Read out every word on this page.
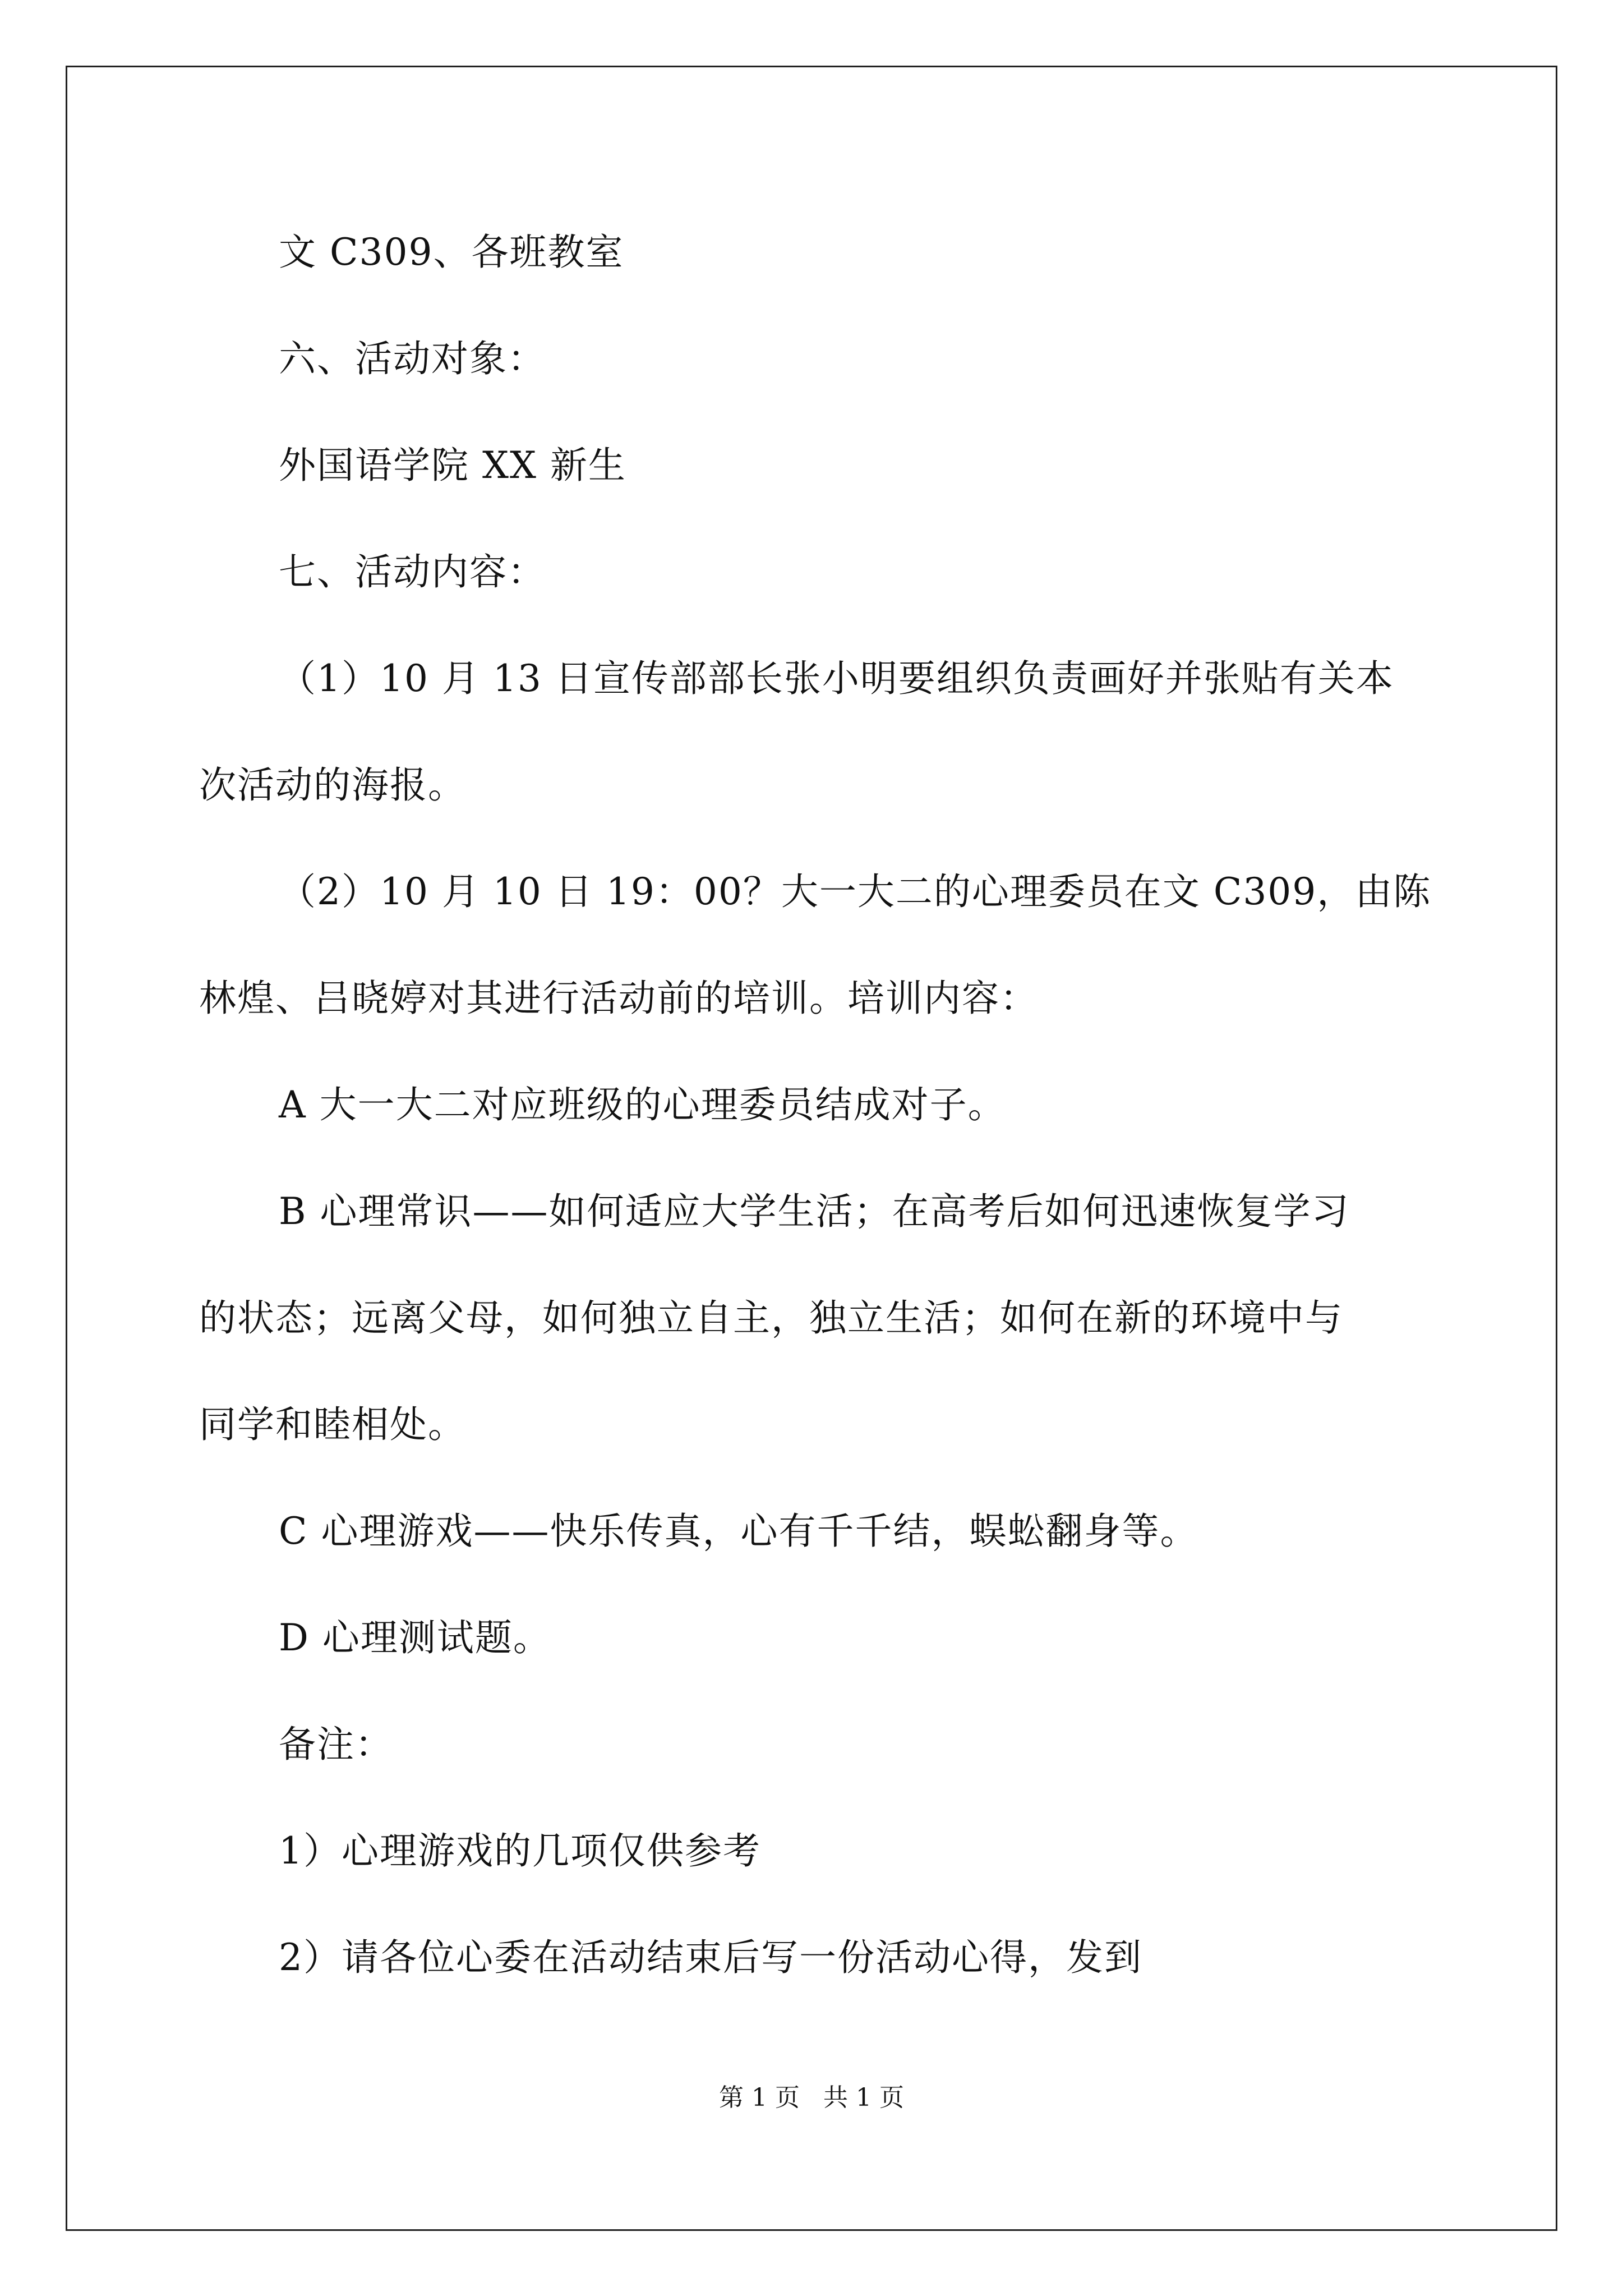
文 C309、各班教室
六、活动对象：
外国语学院 XX 新生
七、活动内容：
（1）10 月 13 日宣传部部长张小明要组织负责画好并张贴有关本
次活动的海报。
（2）10 月 10 日 19：00？大一大二的心理委员在文 C309，由陈
林煌、吕晓婷对其进行活动前的培训。培训内容：
A 大一大二对应班级的心理委员结成对子。
B 心理常识——如何适应大学生活；在高考后如何迅速恢复学习
的状态；远离父母，如何独立自主，独立生活；如何在新的环境中与
同学和睦相处。
C 心理游戏——快乐传真，心有千千结，蜈蚣翻身等。
D 心理测试题。
备注：
1）心理游戏的几项仅供参考
2）请各位心委在活动结束后写一份活动心得，发到
第 1 页   共 1 页
